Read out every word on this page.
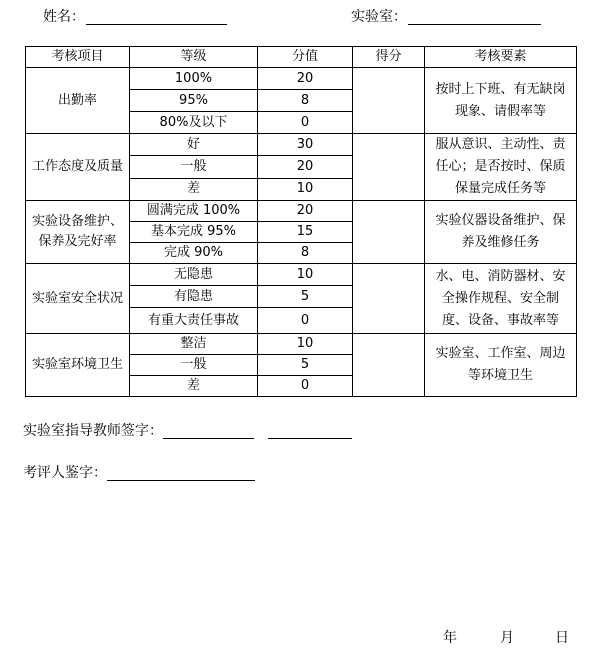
姓名：	实验室：
考核项目	等级	分值	得分	考核要素

出勤率	100%	20		按时上下班、有无缺岗现象、请假率等

	95%	8		
	80%及以下	0		

工作态度及质量	好	30		服从意识、主动性、责任心；是否按时、保质保量完成任务等

	一般	20		
	差	10		

实验设备维护、保养及完好率	圆满完成 100%	20		实验仪器设备维护、保养及维修任务

	基本完成 95%	15		
	完成 90%	8		

实验室安全状况	无隐患	10		水、电、消防器材、安全操作规程、安全制度、设备、事故率等

	有隐患	5		
	有重大责任事故	0		

实验室环境卫生	整洁	10		实验室、工作室、周边等环境卫生

	一般	5		
	差	0		
实验室指导教师签字：
考评人鉴字：
年	月	日
